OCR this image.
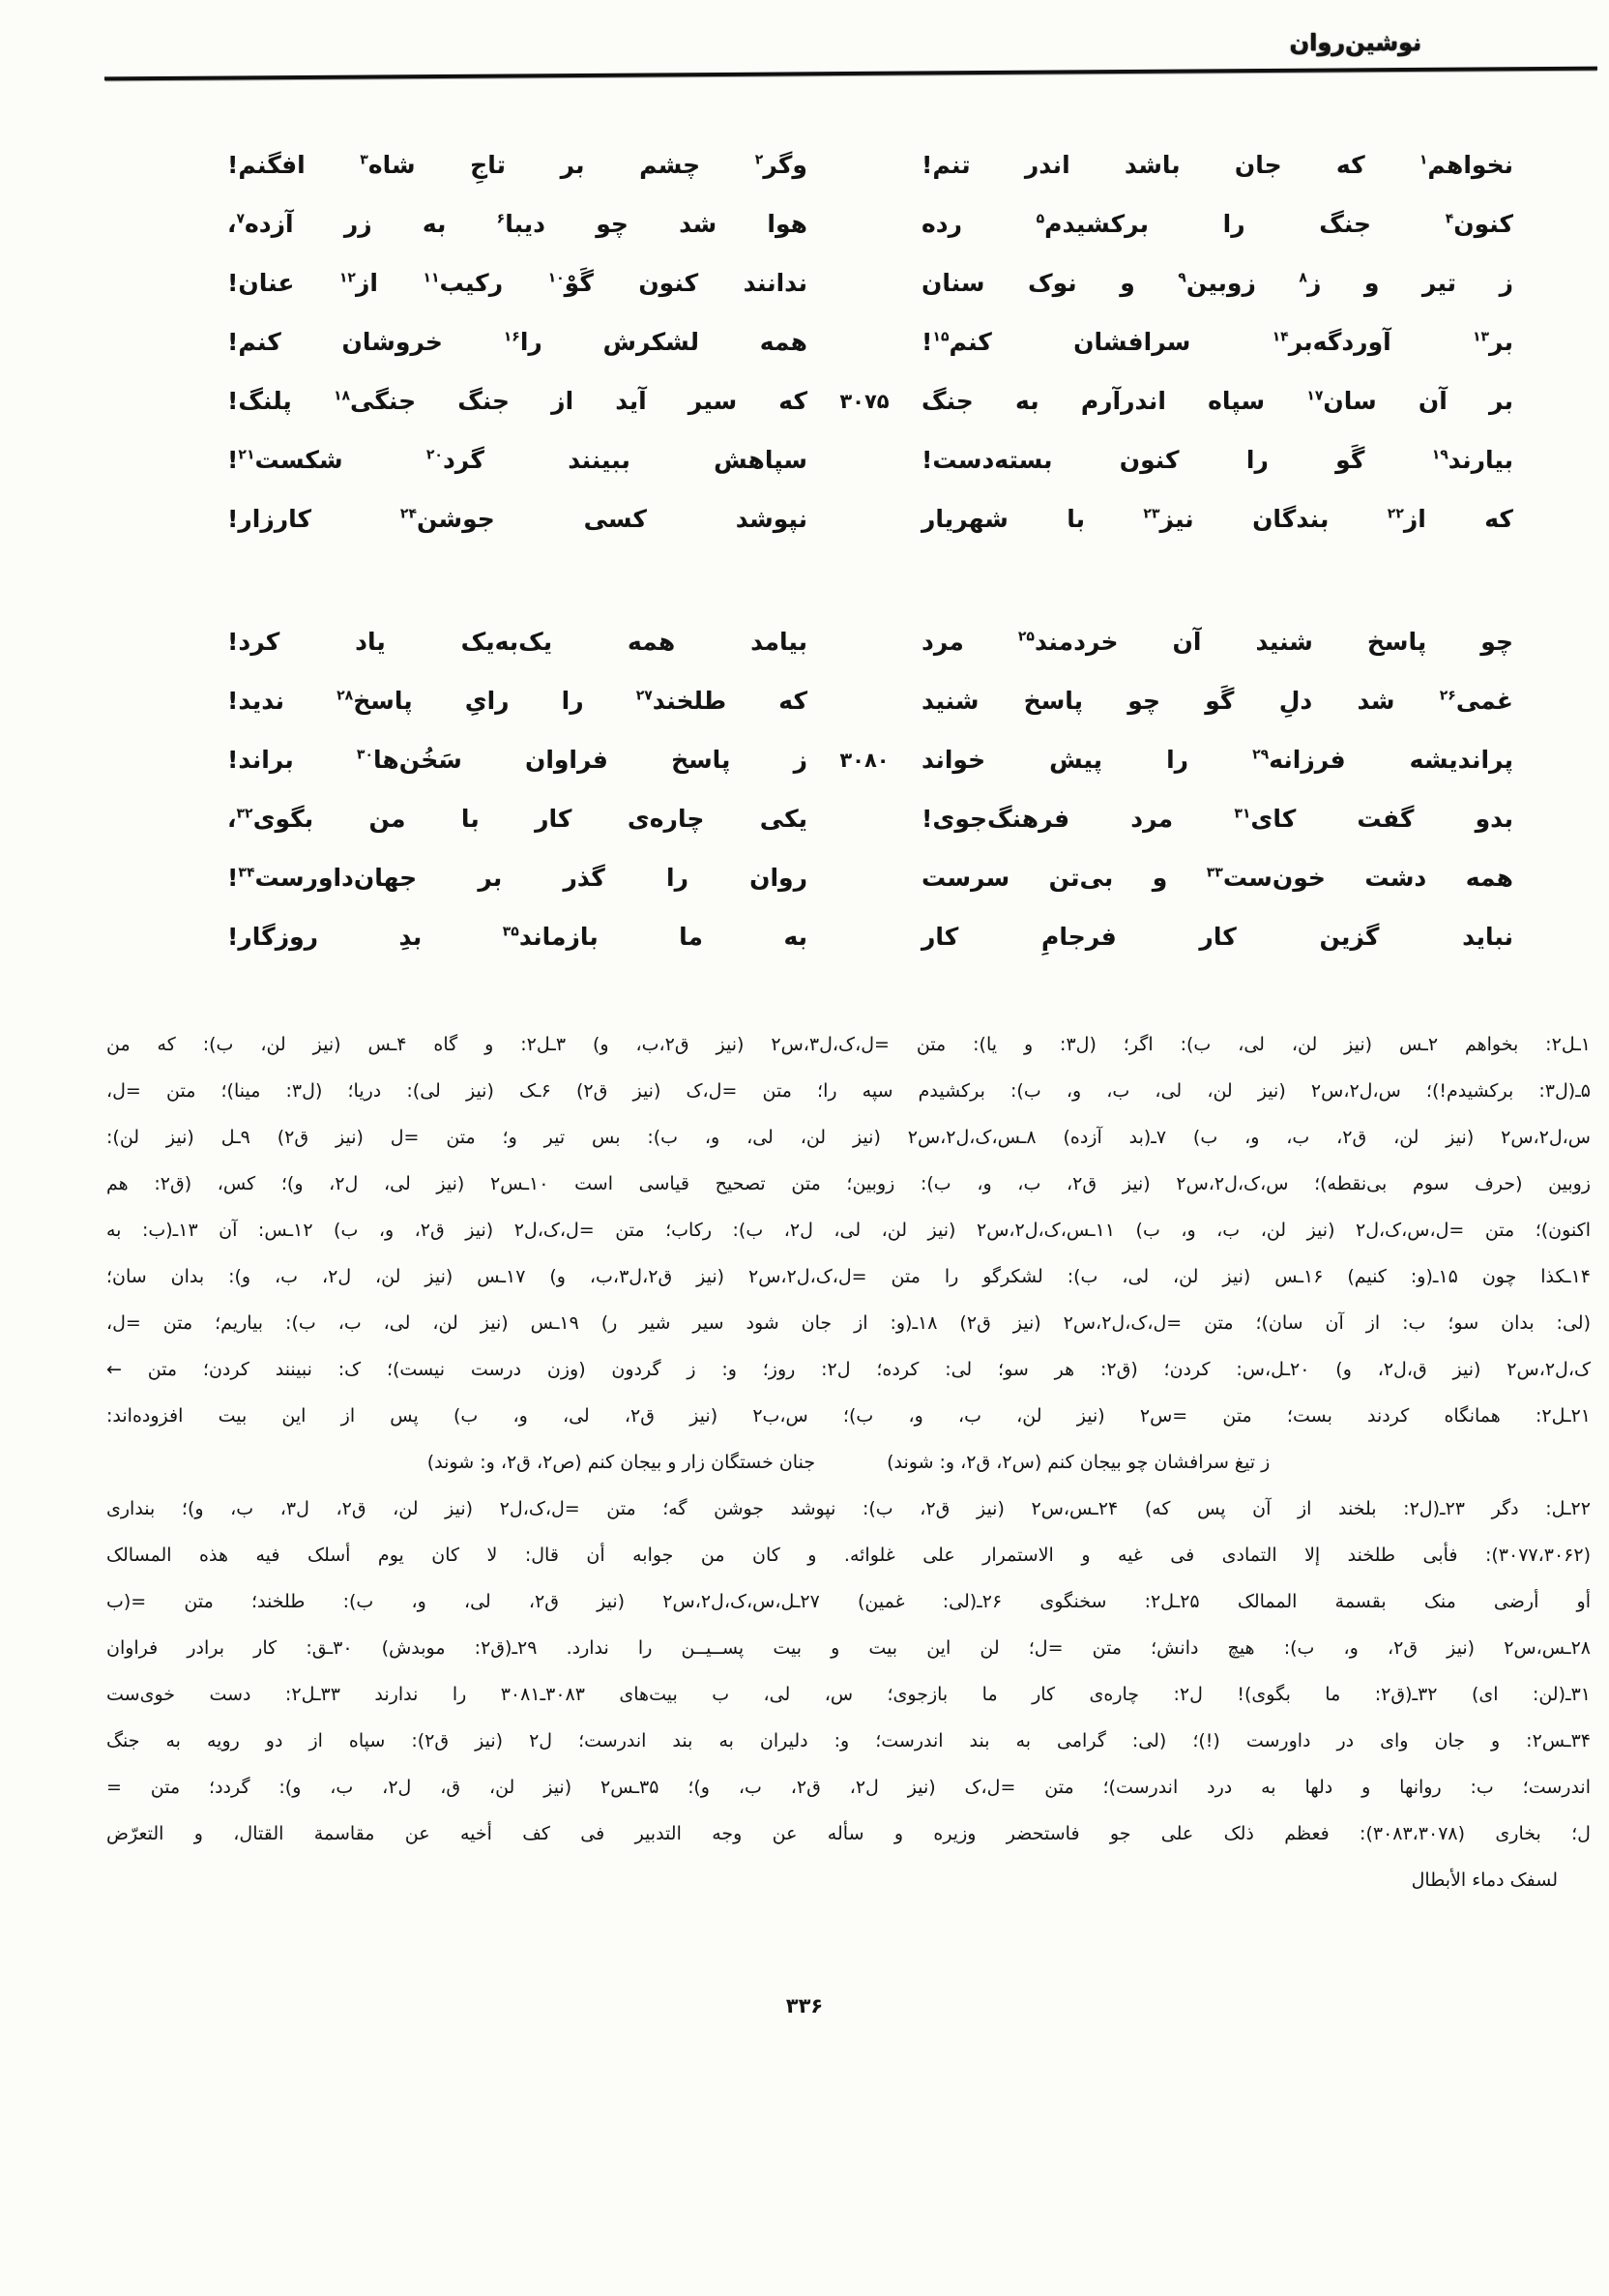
نوشین‌روان
نخواهم$^۱$ که جان باشد اندر تنم!
وگر$^۲$ چشم بر تاجِ شاه$^۳$ افگنم!
کنون$^۴$ جنگ را برکشیدم$^۵$ رده
هوا شد چو دیبا$^۶$ به زر آزده$^۷$،
ز تیر و ز$^۸$ زوبین$^۹$ و نوک سنان
ندانند کنون گَوْ$^{۱۰}$ رکیب$^{۱۱}$ از$^{۱۲}$ عنان!
بر$^{۱۳}$ آوردگه‌بر$^{۱۴}$ سرافشان کنم$^{۱۵}$!
همه لشکرش را$^{۱۶}$ خروشان کنم!
۳۰۷۵	بر آن سان$^{۱۷}$ سپاه اندرآرم به جنگ
که سیر آید از جنگ جنگی$^{۱۸}$ پلنگ!
بیارند$^{۱۹}$ گَو را کنون بسته‌دست!
سپاهش ببینند گرد$^{۲۰}$ شکست$^{۲۱}$!
که از$^{۲۲}$ بندگان نیز$^{۲۳}$ با شهریار
نپوشد کسی جوشن$^{۲۴}$ کارزار!
چو پاسخ شنید آن خردمند$^{۲۵}$ مرد
بیامد همه یک‌به‌یک یاد کرد!
غمی$^{۲۶}$ شد دلِ گَو چو پاسخ شنید
که طلخند$^{۲۷}$ را رایِ پاسخ$^{۲۸}$ ندید!
۳۰۸۰	پراندیشه فرزانه$^{۲۹}$ را پیش خواند
ز پاسخ فراوان سَخُن‌ها$^{۳۰}$ براند!
بدو گفت کای$^{۳۱}$ مرد فرهنگ‌جوی!
یکی چاره‌ی کار با من بگوی$^{۳۲}$،
همه دشت خون‌ست$^{۳۳}$ و بی‌تن سرست
روان را گذر بر جهان‌داورست$^{۳۴}$!
نباید گزین کار فرجامِ کار
به ما بازماند$^{۳۵}$ بدِ روزگار!
۱ـل۲: بخواهم ۲ـس (نیز لن، لی، ب): اگر؛ (ل۳: و یا): متن =ل،ک،ل۳،س۲ (نیز ق۲،ب، و) ۳ـل۲: و گاه ۴ـس (نیز لن، ب): که من
۵ـ(ل۳: برکشیدم!)؛ س،ل۲،س۲ (نیز لن، لی، ب، و، ب): برکشیدم سپه را؛ متن =ل،ک (نیز ق۲) ۶ـک (نیز لی): دریا؛ (ل۳: مینا)؛ متن =ل،
س،ل۲،س۲ (نیز لن، ق۲، ب، و، ب) ۷ـ(بد آزده) ۸ـس،ک،ل۲،س۲ (نیز لن، لی، و، ب): بس تیر و؛ متن =ل (نیز ق۲) ۹ـل (نیز لن):
زوبین (حرف سوم بی‌نقطه)؛ س،ک،ل۲،س۲ (نیز ق۲، ب، و، ب): زوبین؛ متن تصحیح قیاسی است ۱۰ـس۲ (نیز لی، ل۲، و)؛ کس، (ق۲: هم
اکنون)؛ متن =ل،س،ک،ل۲ (نیز لن، ب، و، ب) ۱۱ـس،ک،ل۲،س۲ (نیز لن، لی، ل۲، ب): رکاب؛ متن =ل،ک،ل۲ (نیز ق۲، و، ب) ۱۲ـس: آن ۱۳ـ(ب: به
۱۴ـکذا چون ۱۵ـ(و: کنیم) ۱۶ـس (نیز لن، لی، ب): لشکرگو را متن =ل،ک،ل۲،س۲ (نیز ق۲،ل۳،ب، و) ۱۷ـس (نیز لن، ل۲، ب، و): بدان سان؛
(لی: بدان سو؛ ب: از آن سان)؛ متن =ل،ک،ل۲،س۲ (نیز ق۲) ۱۸ـ(و: از جان شود سیر شیر ر) ۱۹ـس (نیز لن، لی، ب، ب): بیاریم؛ متن =ل،
ک،ل۲،س۲ (نیز ق،ل۲، و) ۲۰ـل،س: کردن؛ (ق۲: هر سو؛ لی: کرده؛ ل۲: روز؛ و: ز گردون (وزن درست نیست)؛ ک: نبینند کردن؛ متن ←
۲۱ـل۲: همانگاه کردند بست؛ متن =س۲ (نیز لن، ب، و، ب)؛ س،ب۲ (نیز ق۲، لی، و، ب) پس از این بیت افزوده‌اند:
ز تیغ سرافشان چو بیجان کنم (س۲، ق۲، و: شوند)
جنان خستگان زار و بیجان کنم (ص۲، ق۲، و: شوند)
۲۲ـل: دگر ۲۳ـ(ل۲: بلخند از آن پس که) ۲۴ـس،س۲ (نیز ق۲، ب): نپوشد جوشن گه؛ متن =ل،ک،ل۲ (نیز لن، ق۲، ل۳، ب، و)؛ بنداری
(۳۰۷۷،۳۰۶۲): فأبی طلخند إلا التمادی فی غیه و الاستمرار علی غلوائه. و کان من جوابه أن قال: لا کان یوم أسلک فیه هذه المسالک
أو أرضی منک بقسمة الممالک ۲۵ـل۲: سخنگوی ۲۶ـ(لی: غمین) ۲۷ـل،س،ک،ل۲،س۲ (نیز ق۲، لی، و، ب): طلخند؛ متن =(ب
۲۸ـس،س۲ (نیز ق۲، و، ب): هیچ دانش؛ متن =ل؛ لن این بیت و بیت پســیــن را ندارد. ۲۹ـ(ق۲: موبدش) ۳۰ـق: کار برادر فراوان
۳۱ـ(لن: ای) ۳۲ـ(ق۲: ما بگوی)! ل۲: چاره‌ی کار ما بازجوی؛ س، لی، ب بیت‌های ۳۰۸۳ـ۳۰۸۱ را ندارند ۳۳ـل۲: دست خوی‌ست
۳۴ـس۲: و جان وای در داورست (!)؛ (لی: گرامی به بند اندرست؛ و: دلیران به بند اندرست؛ ل۲ (نیز ق۲): سپاه از دو رویه به جنگ
اندرست؛ ب: روانها و دلها به درد اندرست)؛ متن =ل،ک (نیز ل۲، ق۲، ب، و)؛ ۳۵ـس۲ (نیز لن، ق، ل۲، ب، و): گردد؛ متن =
ل؛ بخاری (۳۰۸۳،۳۰۷۸): فعظم ذلک علی جو فاستحضر وزیره و سأله عن وجه التدبیر فی کف أخیه عن مقاسمة القتال، و التعرّض
لسفک دماء الأبطال
۳۳۶
